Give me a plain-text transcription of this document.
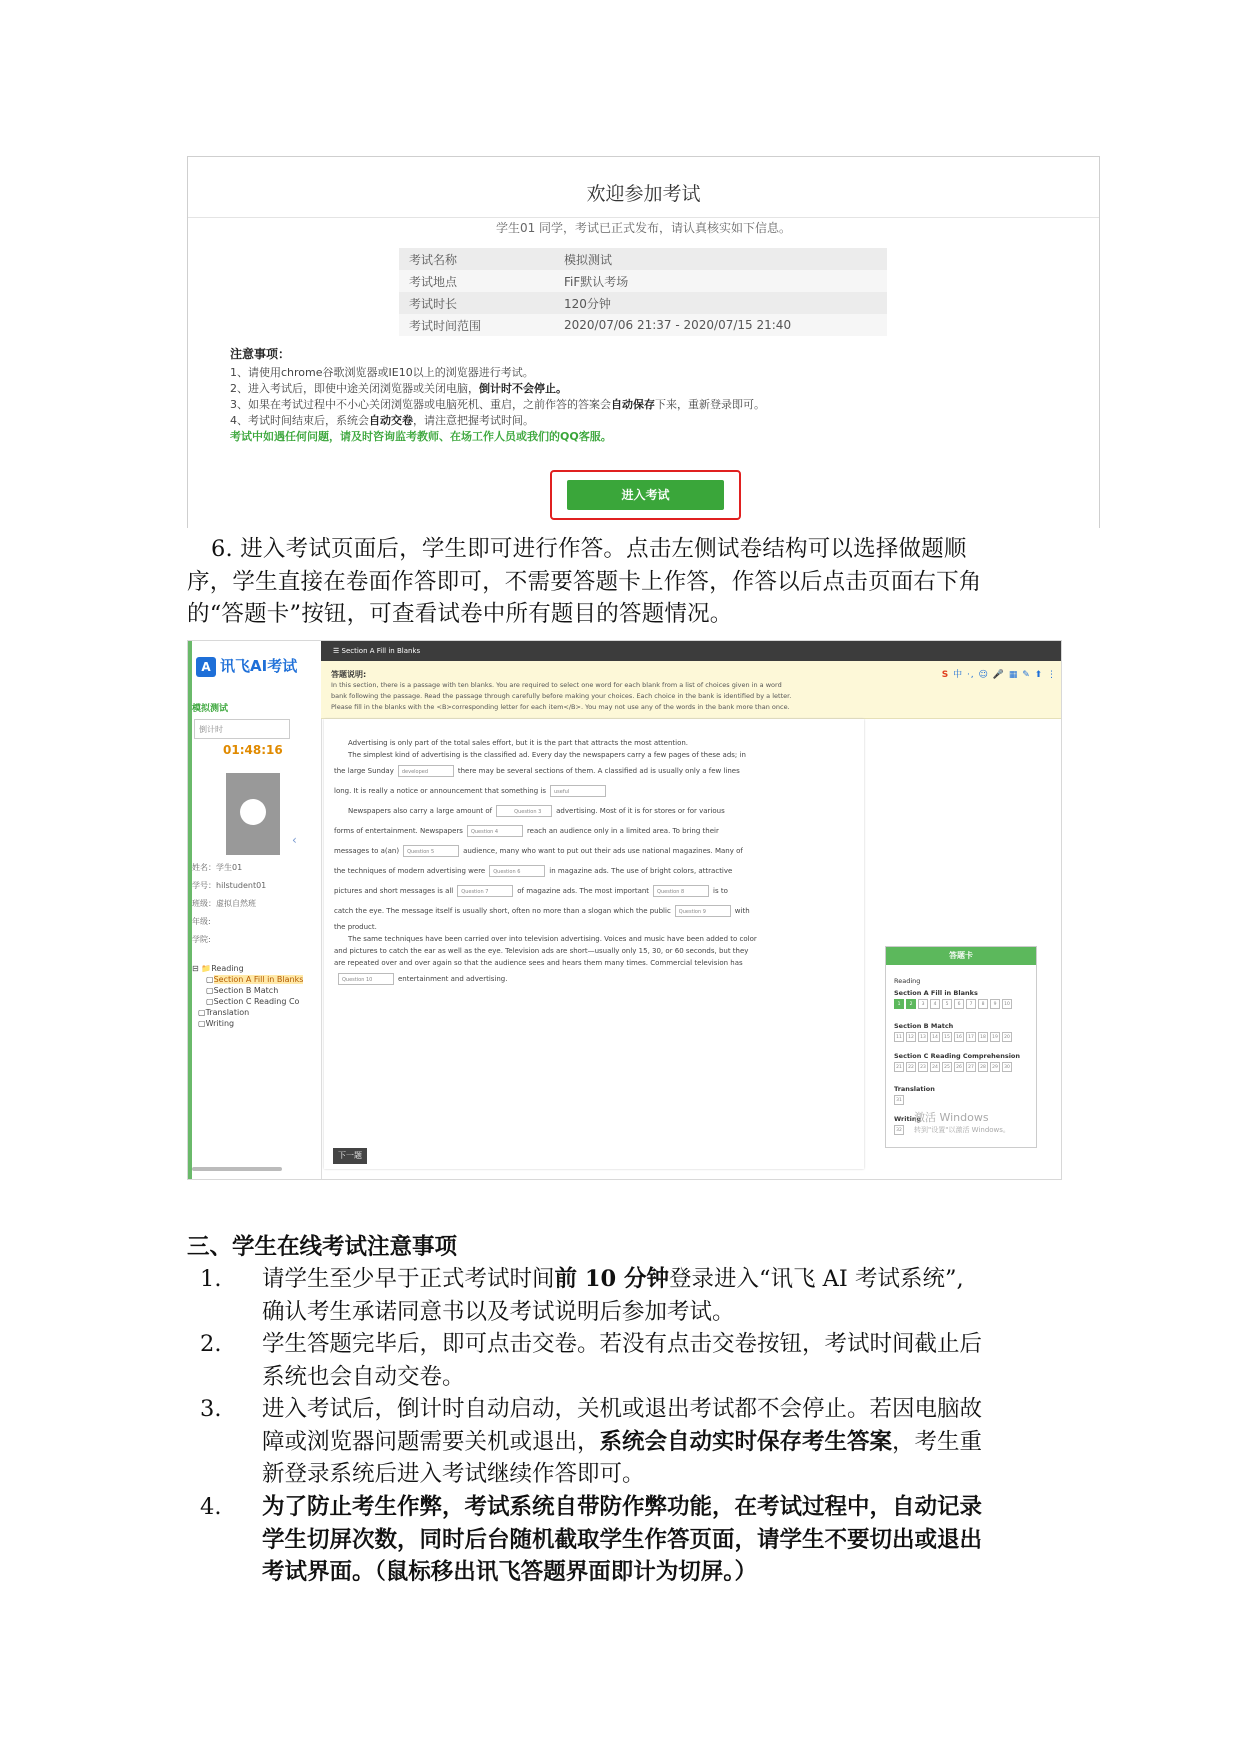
欢迎参加考试
学生01 同学，考试已正式发布，请认真核实如下信息。
考试名称	模拟测试
考试地点	FiF默认考场
考试时长	120分钟
考试时间范围	2020/07/06 21:37 - 2020/07/15 21:40
注意事项：
1、请使用chrome谷歌浏览器或IE10以上的浏览器进行考试。
2、进入考试后，即使中途关闭浏览器或关闭电脑，倒计时不会停止。
3、如果在考试过程中不小心关闭浏览器或电脑死机、重启，之前作答的答案会自动保存下来，重新登录即可。
4、考试时间结束后，系统会自动交卷，请注意把握考试时间。
考试中如遇任何问题，请及时咨询监考教师、在场工作人员或我们的QQ客服。
进入考试
6. 进入考试页面后，学生即可进行作答。点击左侧试卷结构可以选择做题顺
序，学生直接在卷面作答即可，不需要答题卡上作答，作答以后点击页面右下角
的“答题卡”按钮，可查看试卷中所有题目的答题情况。
A 讯飞AI考试
模拟测试
倒计时01:48:16
姓名：学生01
学号：hilstudent01
班级：虚拟自然班
年级:
学院:
⊟ 📁Reading
▢Section A Fill in Blanks
▢Section B Match
▢Section C Reading Co
▢Translation
▢Writing
‹
☰ Section A Fill in Blanks
答题说明:
In this section, there is a passage with ten blanks. You are required to select one word for each blank from a list of choices given in a word
bank following the passage. Read the passage through carefully before making your choices. Each choice in the bank is identified by a letter.
Please fill in the blanks with the <B>corresponding letter for each item</B>. You may not use any of the words in the bank more than once.
S 中 ·, ☺ 🎤 ▦ ✎ ⬆ ⋮

Advertising is only part of the total sales effort, but it is the part that attracts the most attention.

The simplest kind of advertising is the classified ad. Every day the newspapers carry a few pages of these ads; in

the large Sunday developed	there may be several sections of them. A classified ad is usually only a few lines

long. It is really a notice or announcement that something is useful

Newspapers also carry a large amount of	Question 3 advertising. Most of it is for stores or for various

forms of entertainment. Newspapers Question 4	reach an audience only in a limited area. To bring their

messages to a(an) Question 5	audience, many who want to put out their ads use national magazines. Many of

the techniques of modern advertising were Question 6	in magazine ads. The use of bright colors, attractive

pictures and short messages is all Question 7	of magazine ads. The most important Question 8	is to

catch the eye. The message itself is usually short, often no more than a slogan which the public Question 9	with

the product.

The same techniques have been carried over into television advertising. Voices and music have been added to color

and pictures to catch the ear as well as the eye. Television ads are short—usually only 15, 30, or 60 seconds, but they

are repeated over and over again so that the audience sees and hears them many times. Commercial television has

Question 10	entertainment and advertising.

下一题
答题卡
Reading
Section A Fill in Blanks
1 2 3 4 5 6 7 8 9 10
Section B Match
11 12 13 14 15 16 17 18 19 20
Section C Reading Comprehension
21 22 23 24 25 26 27 28 29 30
Translation
31
Writing
32
激活 Windows
转到"设置"以激活 Windows。
三、学生在线考试注意事项
1. 请学生至少早于正式考试时间前 10 分钟登录进入“讯飞 AI 考试系统”,
确认考生承诺同意书以及考试说明后参加考试。
2. 学生答题完毕后，即可点击交卷。若没有点击交卷按钮，考试时间截止后
系统也会自动交卷。
3. 进入考试后，倒计时自动启动，关机或退出考试都不会停止。若因电脑故
障或浏览器问题需要关机或退出，系统会自动实时保存考生答案，考生重
新登录系统后进入考试继续作答即可。
4. 为了防止考生作弊，考试系统自带防作弊功能，在考试过程中，自动记录
学生切屏次数，同时后台随机截取学生作答页面，请学生不要切出或退出
考试界面。（鼠标移出讯飞答题界面即计为切屏。）
